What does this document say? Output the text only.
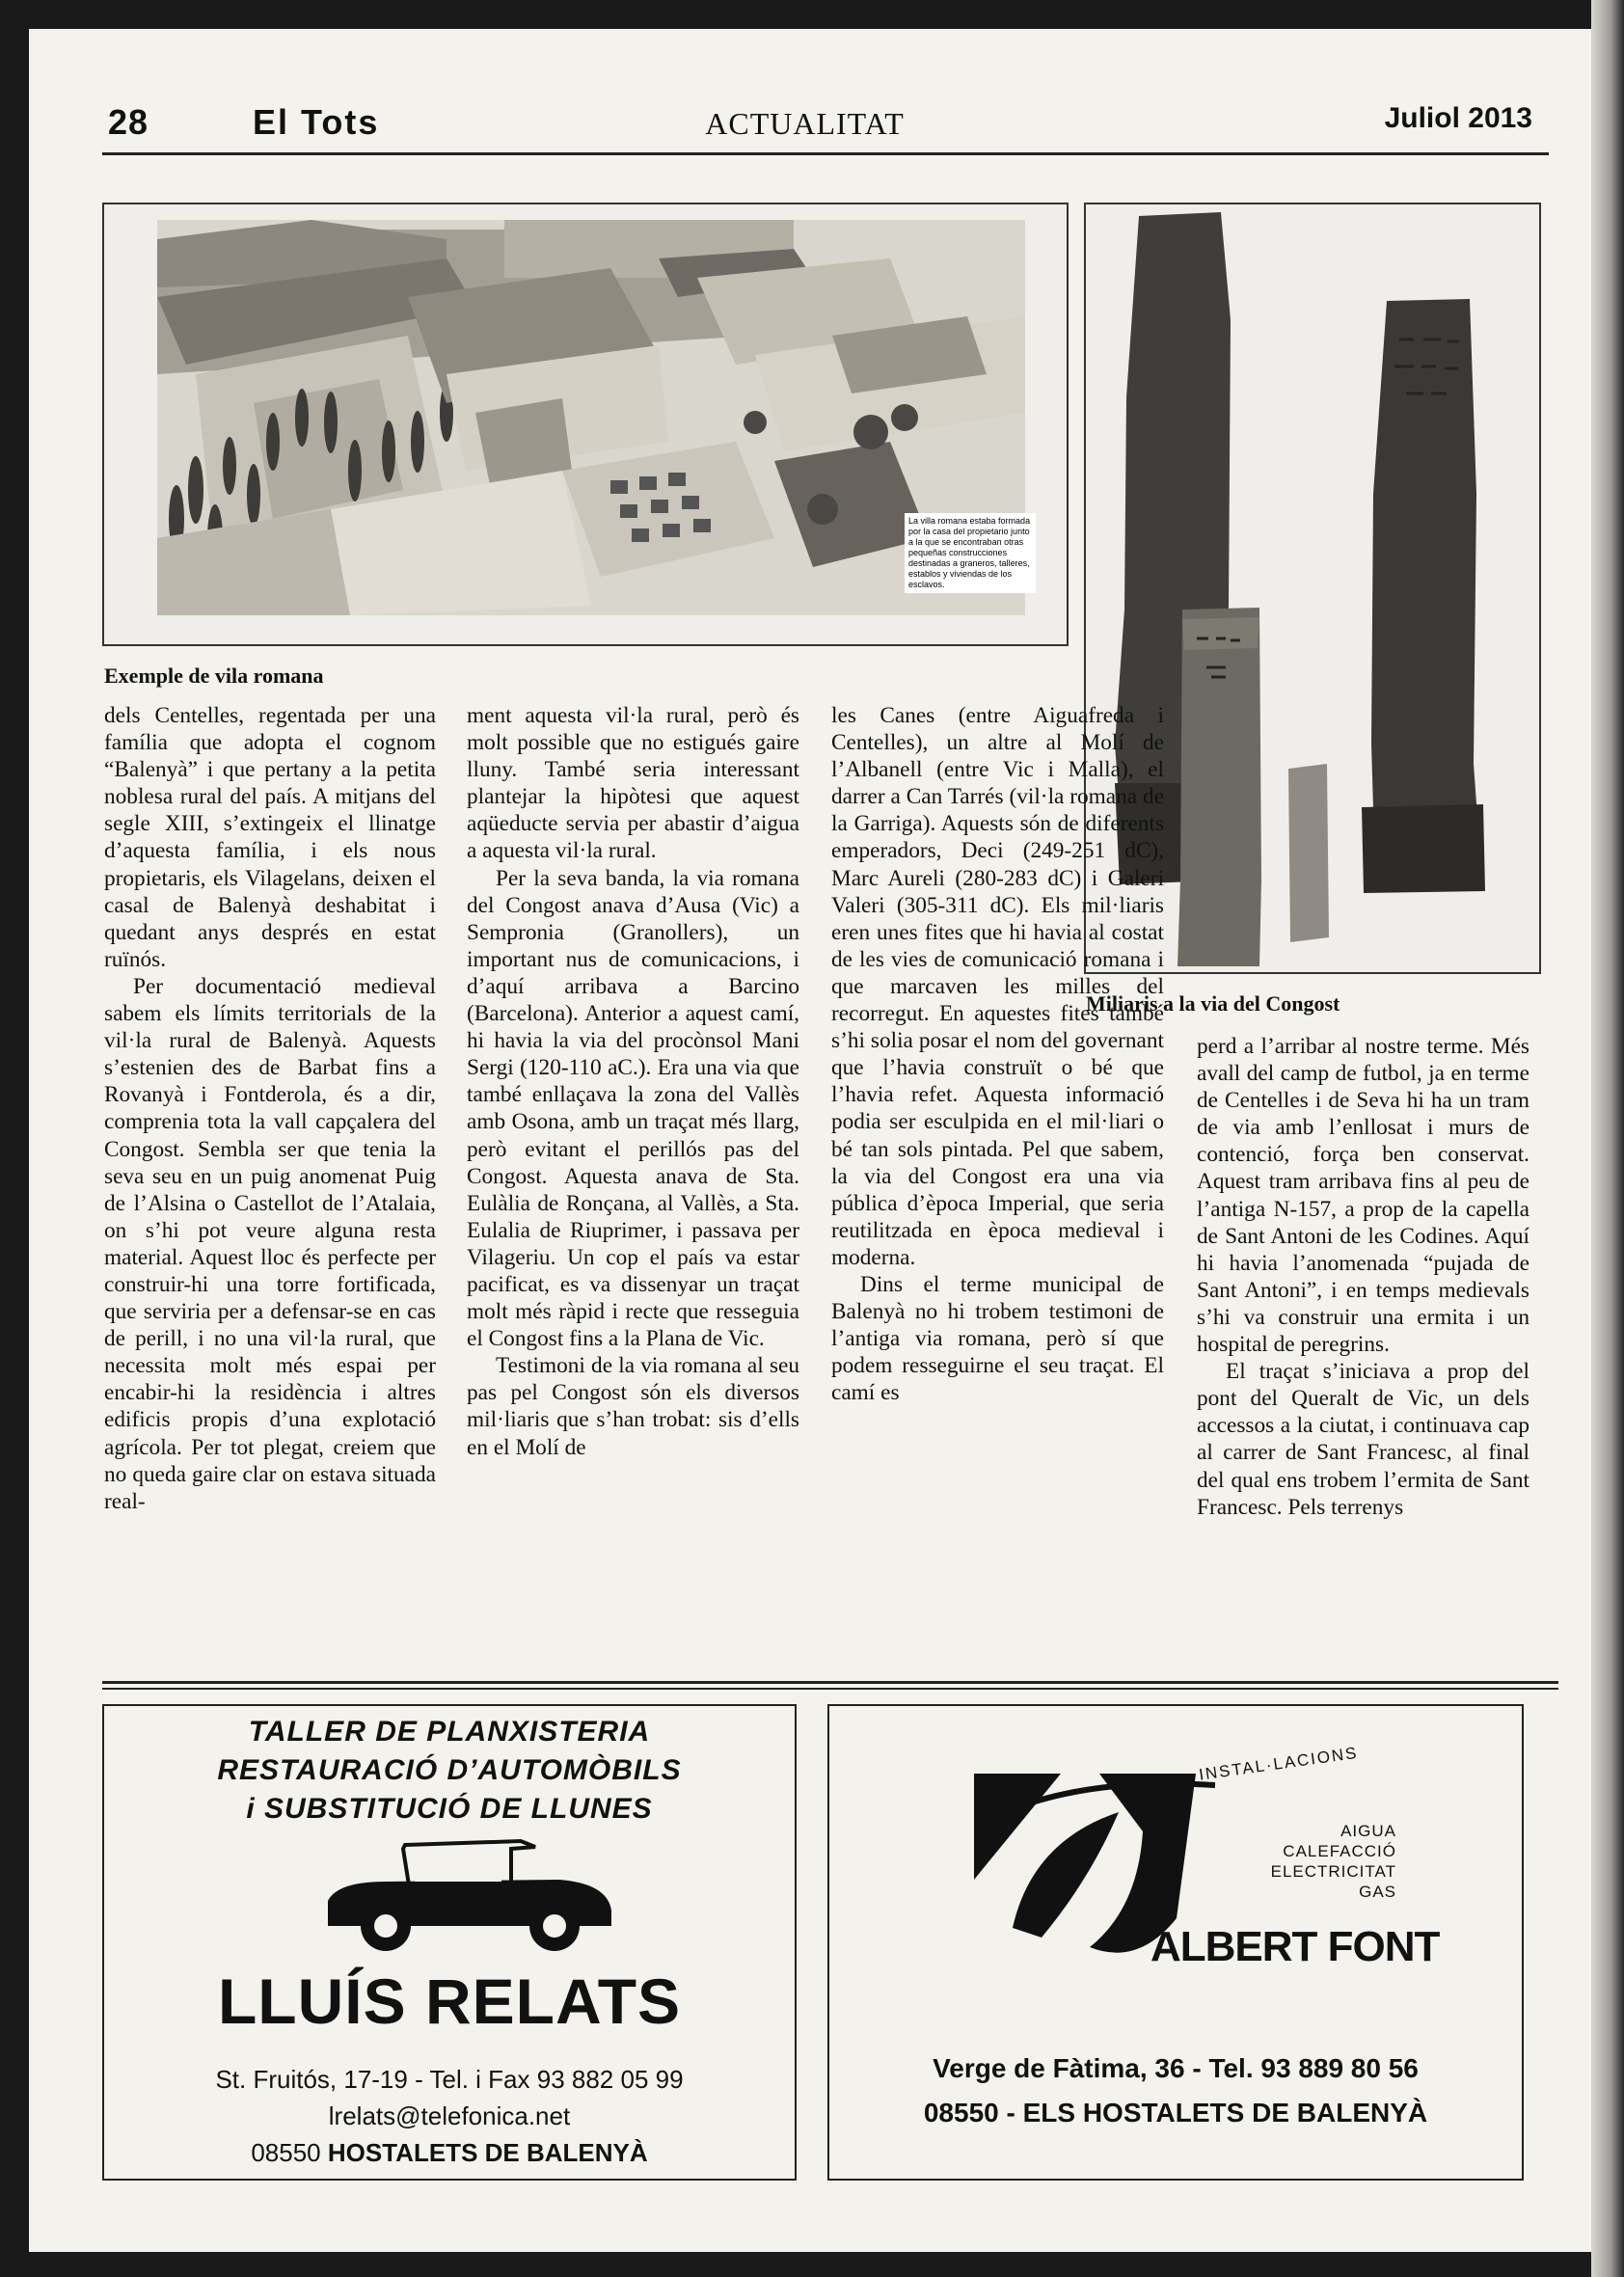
28	El Tots	ACTUALITAT	Juliol 2013
La villa romana estaba formada por la casa del propietario junto a la que se encontraban otras pequeñas construcciones destinadas a graneros, talleres, establos y viviendas de los esclavos.
Exemple de vila romana
Miliaris a la via del Congost

dels Centelles, regentada per una família que adopta el cognom “Balenyà” i que pertany a la petita noblesa rural del país. A mitjans del segle XIII, s’extingeix el llinatge d’aquesta família, i els nous propietaris, els Vilagelans, deixen el casal de Balenyà deshabitat i quedant anys després en estat ruïnós.

Per documentació medieval sabem els límits territorials de la vil·la rural de Balenyà. Aquests s’estenien des de Barbat fins a Rovanyà i Fontderola, és a dir, comprenia tota la vall capçalera del Congost. Sembla ser que tenia la seva seu en un puig anomenat Puig de l’Alsina o Castellot de l’Atalaia, on s’hi pot veure alguna resta material. Aquest lloc és perfecte per construir-hi una torre fortificada, que serviria per a defensar-se en cas de perill, i no una vil·la rural, que necessita molt més espai per encabir-hi la residència i altres edificis propis d’una explotació agrícola. Per tot plegat, creiem que no queda gaire clar on estava situada real-

ment aquesta vil·la rural, però és molt possible que no estigués gaire lluny. També seria interessant plantejar la hipòtesi que aquest aqüeducte servia per abastir d’aigua a aquesta vil·la rural.

Per la seva banda, la via romana del Congost anava d’Ausa (Vic) a Sempronia (Granollers), un important nus de comunicacions, i d’aquí arribava a Barcino (Barcelona). Anterior a aquest camí, hi havia la via del procònsol Mani Sergi (120-110 aC.). Era una via que també enllaçava la zona del Vallès amb Osona, amb un traçat més llarg, però evitant el perillós pas del Congost. Aquesta anava de Sta. Eulàlia de Ronçana, al Vallès, a Sta. Eulalia de Riuprimer, i passava per Vilageriu. Un cop el país va estar pacificat, es va dissenyar un traçat molt més ràpid i recte que resseguia el Congost fins a la Plana de Vic.

Testimoni de la via romana al seu pas pel Congost són els diversos mil·liaris que s’han trobat: sis d’ells en el Molí de

les Canes (entre Aiguafreda i Centelles), un altre al Molí de l’Albanell (entre Vic i Malla), el darrer a Can Tarrés (vil·la romana de la Garriga). Aquests són de diferents emperadors, Deci (249-251 dC), Marc Aureli (280-283 dC) i Galeri Valeri (305-311 dC). Els mil·liaris eren unes fites que hi havia al costat de les vies de comunicació romana i que marcaven les milles del recorregut. En aquestes fites també s’hi solia posar el nom del governant que l’havia construït o bé que l’havia refet. Aquesta informació podia ser esculpida en el mil·liari o bé tan sols pintada. Pel que sabem, la via del Congost era una via pública d’època Imperial, que seria reutilitzada en època medieval i moderna.

Dins el terme municipal de Balenyà no hi trobem testimoni de l’antiga via romana, però sí que podem resseguirne el seu traçat. El camí es

perd a l’arribar al nostre terme. Més avall del camp de futbol, ja en terme de Centelles i de Seva hi ha un tram de via amb l’enllosat i murs de contenció, força ben conservat. Aquest tram arribava fins al peu de l’antiga N-157, a prop de la capella de Sant Antoni de les Codines. Aquí hi havia l’anomenada “pujada de Sant Antoni”, i en temps medievals s’hi va construir una ermita i un hospital de peregrins.

El traçat s’iniciava a prop del pont del Queralt de Vic, un dels accessos a la ciutat, i continuava cap al carrer de Sant Francesc, al final del qual ens trobem l’ermita de Sant Francesc. Pels terrenys

TALLER DE PLANXISTERIA
RESTAURACIÓ D’AUTOMÒBILS
i SUBSTITUCIÓ DE LLUNES
LLUÍS RELATS
St. Fruitós, 17-19 - Tel. i Fax 93 882 05 99
lrelats@telefonica.net
08550 HOSTALETS DE BALENYÀ
INSTAL·LACIONS
AIGUA
CALEFACCIÓ
ELECTRICITAT
GAS
ALBERT FONT
Verge de Fàtima, 36 - Tel. 93 889 80 56
08550 - ELS HOSTALETS DE BALENYÀ
